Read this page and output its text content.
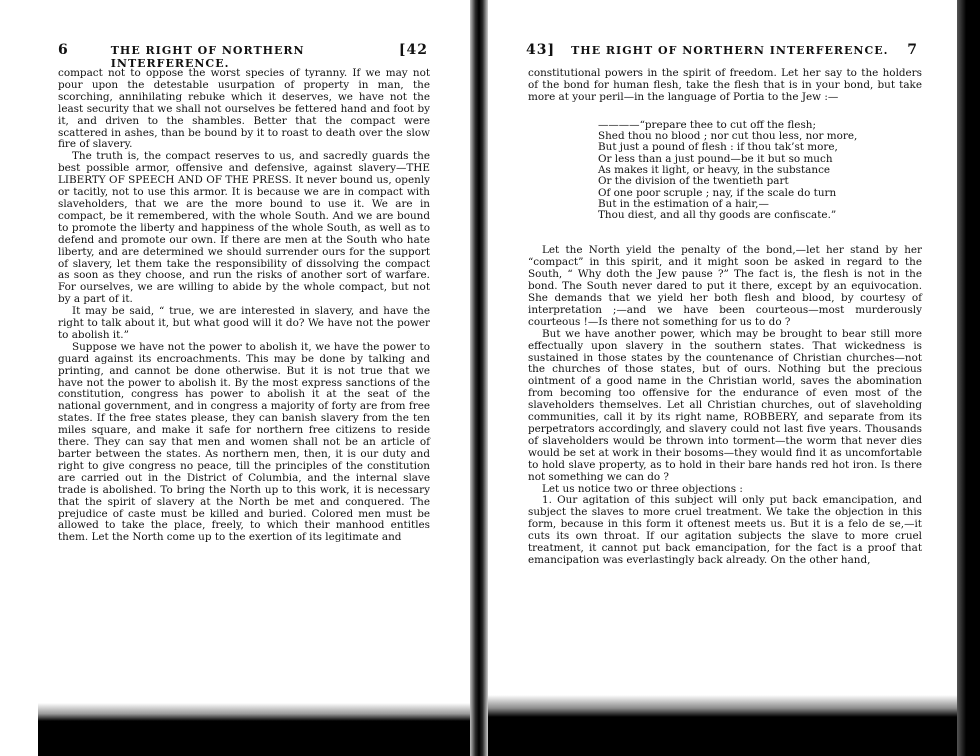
6	THE RIGHT OF NORTHERN INTERFERENCE.
[42

compact not to oppose the worst species of tyranny. If we may not pour upon the detestable usurpation of property in man, the scorching, annihilating rebuke which it deserves, we have not the least security that we shall not ourselves be fettered hand and foot by it, and driven to the shambles. Better that the compact were scattered in ashes, than be bound by it to roast to death over the slow fire of slavery.

The truth is, the compact reserves to us, and sacredly guards the best possible armor, offensive and defensive, against slavery—THE LIBERTY OF SPEECH AND OF THE PRESS. It never bound us, openly or tacitly, not to use this armor. It is because we are in compact with slaveholders, that we are the more bound to use it. We are in compact, be it remembered, with the whole South. And we are bound to promote the liberty and happiness of the whole South, as well as to defend and promote our own. If there are men at the South who hate liberty, and are determined we should surrender ours for the support of slavery, let them take the responsibility of dissolving the compact as soon as they choose, and run the risks of another sort of warfare. For ourselves, we are willing to abide by the whole compact, but not by a part of it.

It may be said, “ true, we are interested in slavery, and have the right to talk about it, but what good will it do? We have not the power to abolish it.”

Suppose we have not the power to abolish it, we have the power to guard against its encroachments. This may be done by talking and printing, and cannot be done otherwise. But it is not true that we have not the power to abolish it. By the most express sanctions of the constitution, congress has power to abolish it at the seat of the national government, and in congress a majority of forty are from free states. If the free states please, they can banish slavery from the ten miles square, and make it safe for northern free citizens to reside there. They can say that men and women shall not be an article of barter between the states. As northern men, then, it is our duty and right to give congress no peace, till the principles of the constitution are carried out in the District of Columbia, and the internal slave trade is abolished. To bring the North up to this work, it is necessary that the spirit of slavery at the North be met and conquered. The prejudice of caste must be killed and buried. Colored men must be allowed to take the place, freely, to which their manhood entitles them. Let the North come up to the exertion of its legitimate and

43] THE RIGHT OF NORTHERN INTERFERENCE. 7

constitutional powers in the spirit of freedom. Let her say to the holders of the bond for human flesh, take the flesh that is in your bond, but take more at your peril—in the language of Portia to the Jew :—

————“prepare thee to cut off the flesh;
Shed thou no blood ; nor cut thou less, nor more,
But just a pound of flesh : if thou tak’st more,
Or less than a just pound—be it but so much
As makes it light, or heavy, in the substance
Or the division of the twentieth part
Of one poor scruple ; nay, if the scale do turn
But in the estimation of a hair,—
Thou diest, and all thy goods are confiscate.”

Let the North yield the penalty of the bond,—let her stand by her “compact” in this spirit, and it might soon be asked in regard to the South, “ Why doth the Jew pause ?” The fact is, the flesh is not in the bond. The South never dared to put it there, except by an equivocation. She demands that we yield her both flesh and blood, by courtesy of interpretation ;—and we have been courteous—most murderously courteous !—Is there not something for us to do ?

But we have another power, which may be brought to bear still more effectually upon slavery in the southern states. That wickedness is sustained in those states by the countenance of Christian churches—not the churches of those states, but of ours. Nothing but the precious ointment of a good name in the Christian world, saves the abomination from becoming too offensive for the endurance of even most of the slaveholders themselves. Let all Christian churches, out of slaveholding communities, call it by its right name, ROBBERY, and separate from its perpetrators accordingly, and slavery could not last five years. Thousands of slaveholders would be thrown into torment—the worm that never dies would be set at work in their bosoms—they would find it as uncomfortable to hold slave property, as to hold in their bare hands red hot iron. Is there not something we can do ?

Let us notice two or three objections :

1. Our agitation of this subject will only put back emancipation, and subject the slaves to more cruel treatment. We take the objection in this form, because in this form it oftenest meets us. But it is a felo de se,—it cuts its own throat. If our agitation subjects the slave to more cruel treatment, it cannot put back emancipation, for the fact is a proof that emancipation was everlastingly back already. On the other hand,
